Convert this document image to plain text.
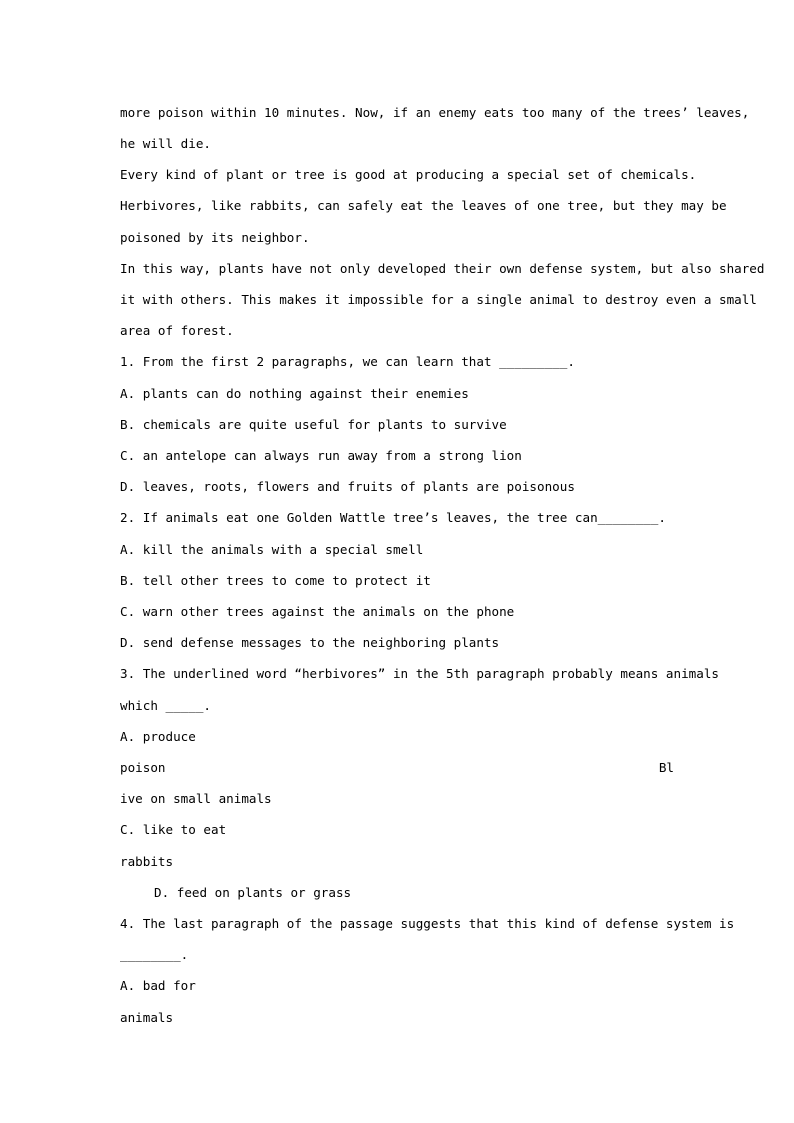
more poison within 10 minutes. Now, if an enemy eats too many of the trees’ leaves,
he will die.
Every kind of plant or tree is good at producing a special set of chemicals.
Herbivores, like rabbits, can safely eat the leaves of one tree, but they may be
poisoned by its neighbor.
In this way, plants have not only developed their own defense system, but also shared
it with others. This makes it impossible for a single animal to destroy even a small
area of forest.
1. From the first 2 paragraphs, we can learn that _________.
A. plants can do nothing against their enemies
B. chemicals are quite useful for plants to survive
C. an antelope can always run away from a strong lion
D. leaves, roots, flowers and fruits of plants are poisonous
2. If animals eat one Golden Wattle tree’s leaves, the tree can________.
A. kill the animals with a special smell
B. tell other trees to come to protect it
C. warn other trees against the animals on the phone
D. send defense messages to the neighboring plants
3. The underlined word “herbivores” in the 5th paragraph probably means animals
which _____.
A. produce
poison	Bl
ive on small animals
C. like to eat
rabbits
D. feed on plants or grass
4. The last paragraph of the passage suggests that this kind of defense system is
________.
A. bad for
animals
